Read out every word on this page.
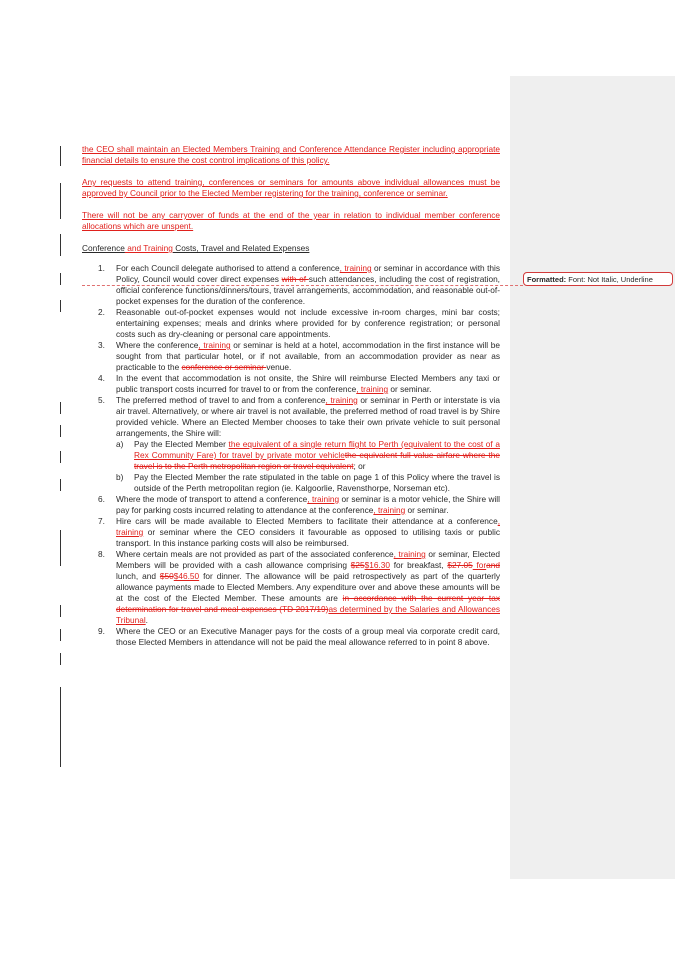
Formatted: Font: Not Italic, Underline

the CEO shall maintain an Elected Members Training and Conference Attendance Register including appropriate financial details to ensure the cost control implications of this policy.

Any requests to attend training, conferences or seminars for amounts above individual allowances must be approved by Council prior to the Elected Member registering for the training, conference or seminar.

There will not be any carryover of funds at the end of the year in relation to individual member conference allocations which are unspent.

Conference and Training Costs, Travel and Related Expenses

1. For each Council delegate authorised to attend a conference, training or seminar in accordance with this Policy, Council would cover direct expenses with of such attendances, including the cost of registration, official conference functions/dinners/tours, travel arrangements, accommodation, and reasonable out-of-pocket expenses for the duration of the conference.
2. Reasonable out-of-pocket expenses would not include excessive in-room charges, mini bar costs; entertaining expenses; meals and drinks where provided for by conference registration; or personal costs such as dry-cleaning or personal care appointments.
3. Where the conference, training or seminar is held at a hotel, accommodation in the first instance will be sought from that particular hotel, or if not available, from an accommodation provider as near as practicable to the conference or seminar venue.
4. In the event that accommodation is not onsite, the Shire will reimburse Elected Members any taxi or public transport costs incurred for travel to or from the conference, training or seminar.
5. The preferred method of travel to and from a conference, training or seminar in Perth or interstate is via air travel. Alternatively, or where air travel is not available, the preferred method of road travel is by Shire provided vehicle. Where an Elected Member chooses to take their own private vehicle to suit personal arrangements, the Shire will:
a) Pay the Elected Member the equivalent of a single return flight to Perth (equivalent to the cost of a Rex Community Fare) for travel by private motor vehiclethe equivalent full value airfare where the travel is to the Perth metropolitan region or travel equivalent; or
b) Pay the Elected Member the rate stipulated in the table on page 1 of this Policy where the travel is outside of the Perth metropolitan region (ie. Kalgoorlie, Ravensthorpe, Norseman etc).
6. Where the mode of transport to attend a conference, training or seminar is a motor vehicle, the Shire will pay for parking costs incurred relating to attendance at the conference, training or seminar.
7. Hire cars will be made available to Elected Members to facilitate their attendance at a conference, training or seminar where the CEO considers it favourable as opposed to utilising taxis or public transport. In this instance parking costs will also be reimbursed.
8. Where certain meals are not provided as part of the associated conference, training or seminar, Elected Members will be provided with a cash allowance comprising $25$16.30 for breakfast, $27.05 forand lunch, and $50$46.50 for dinner. The allowance will be paid retrospectively as part of the quarterly allowance payments made to Elected Members. Any expenditure over and above these amounts will be at the cost of the Elected Member. These amounts are in accordance with the current year tax determination for travel and meal expenses (TD 2017/19)as determined by the Salaries and Allowances Tribunal.
9. Where the CEO or an Executive Manager pays for the costs of a group meal via corporate credit card, those Elected Members in attendance will not be paid the meal allowance referred to in point 8 above.
